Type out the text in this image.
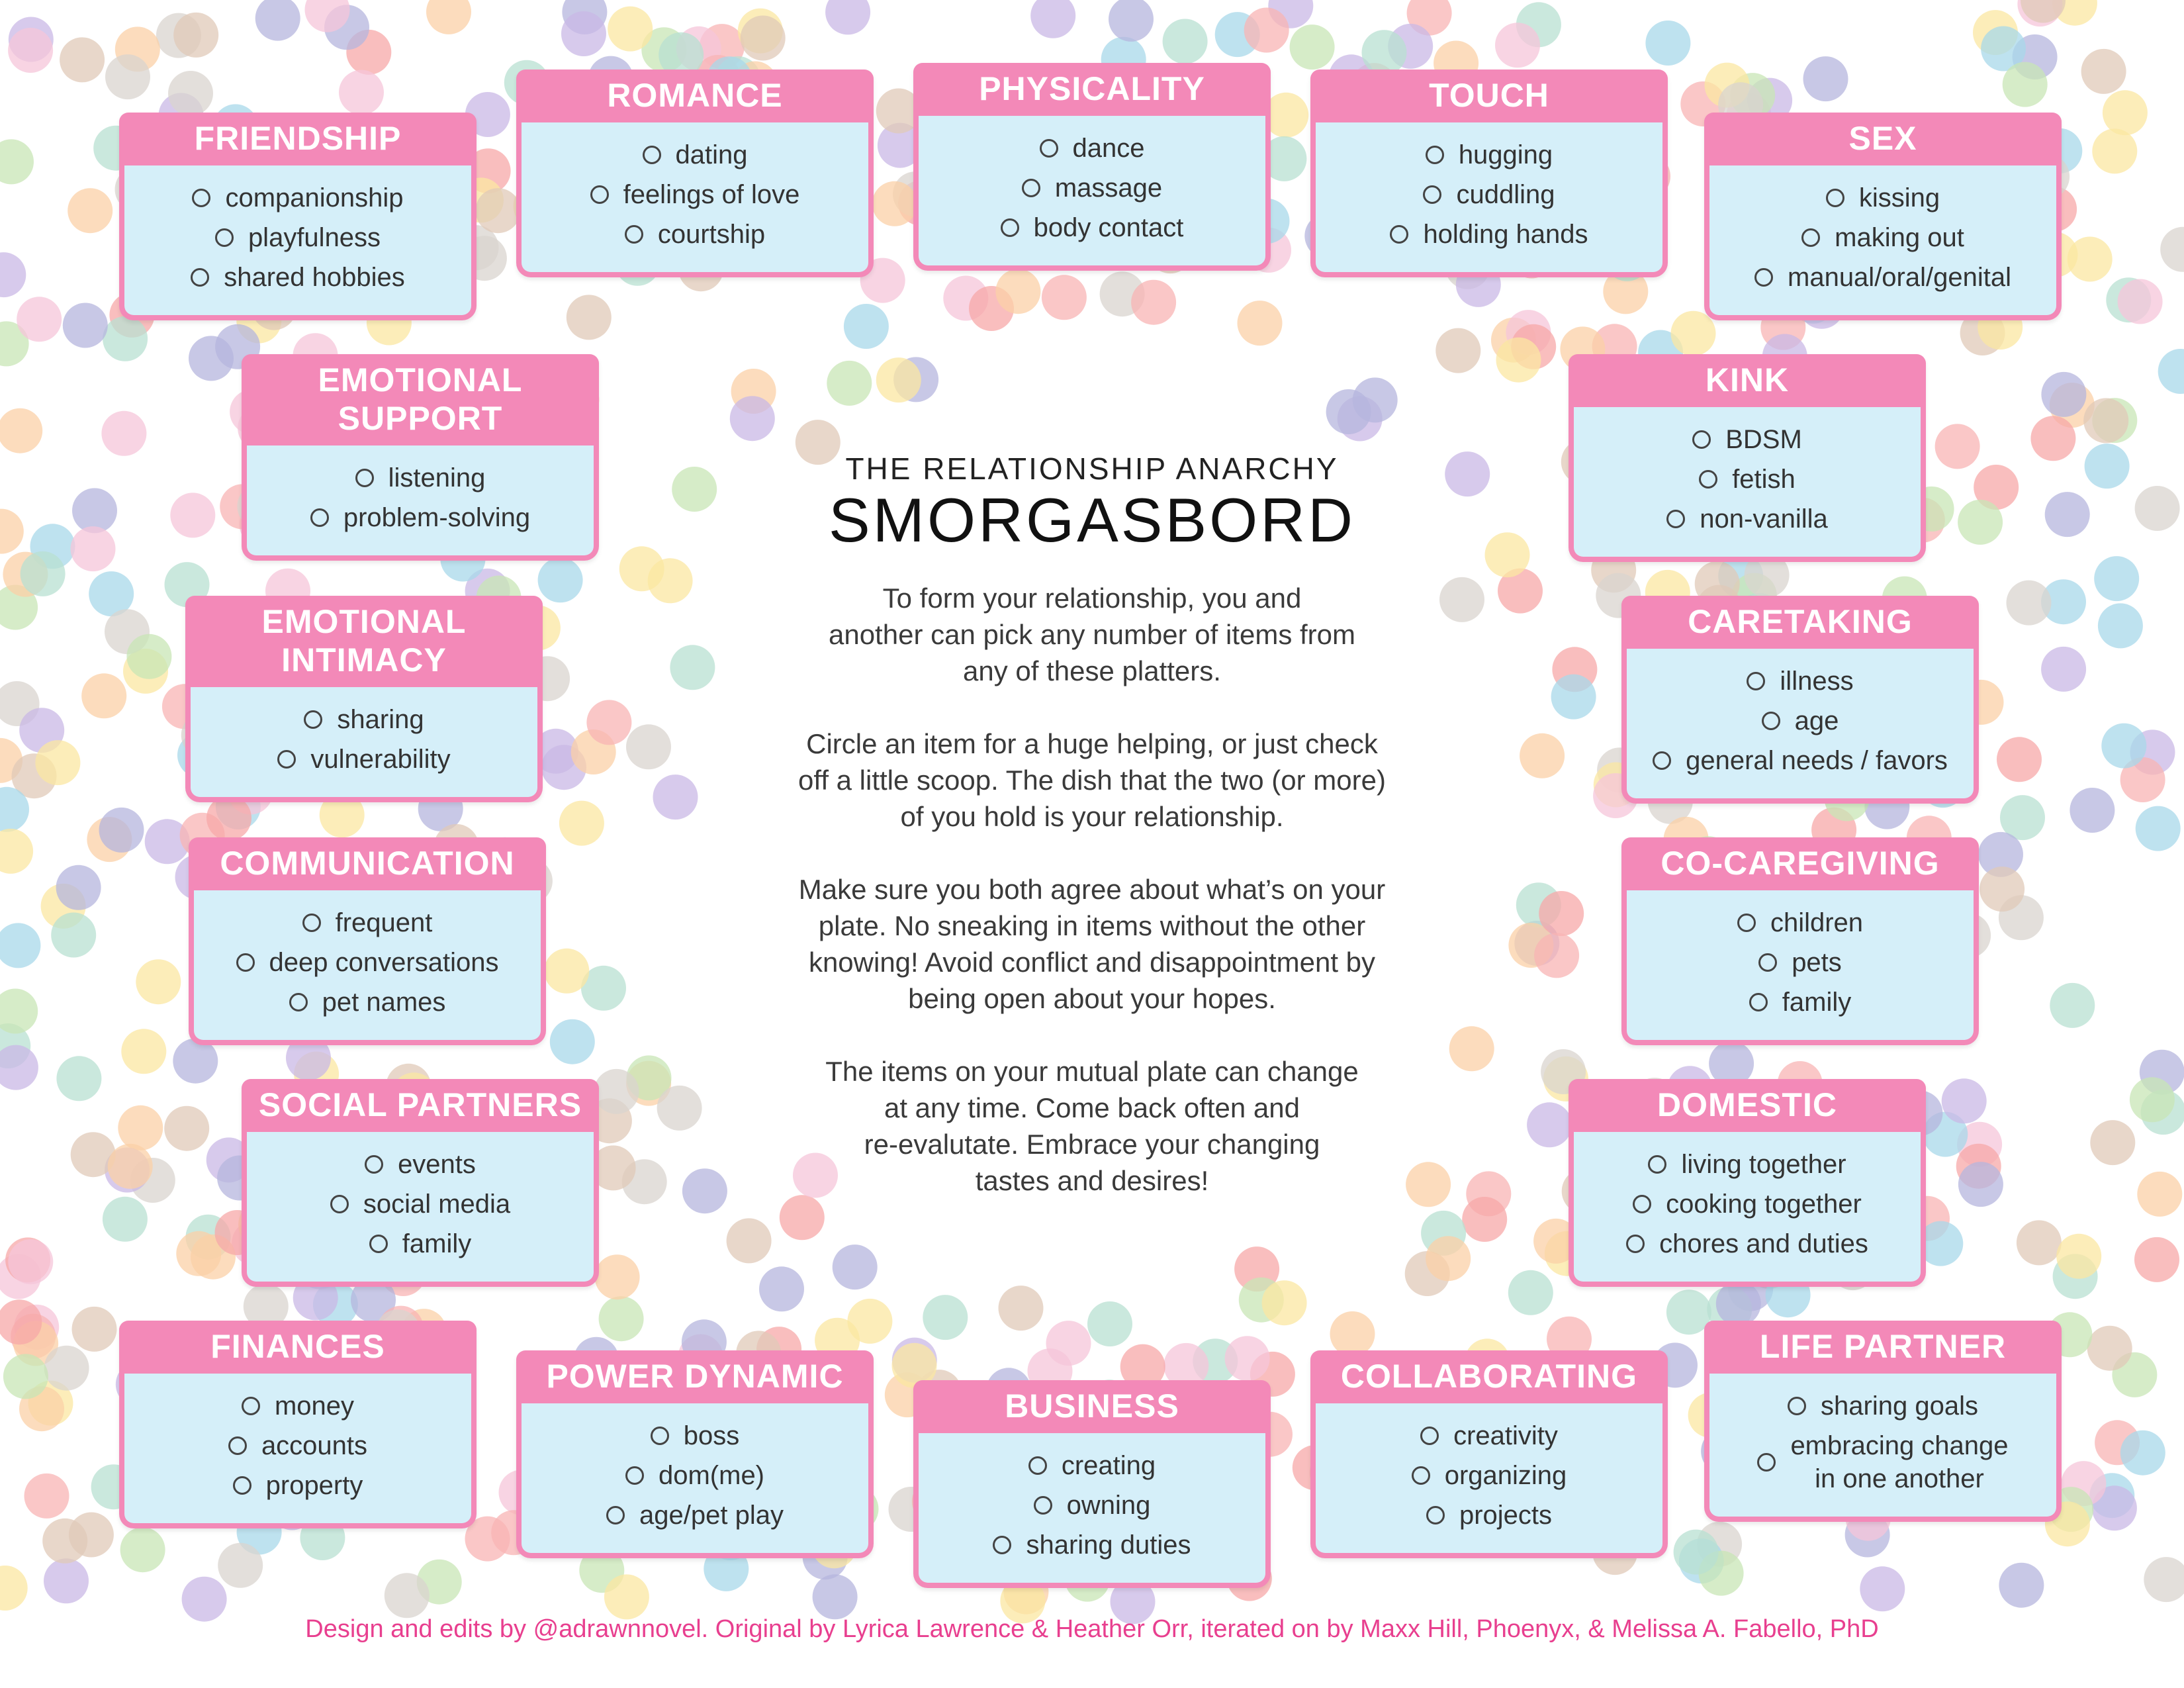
THE RELATIONSHIP ANARCHY
SMORGASBORD
To form your relationship, you and
another can pick any number of items from
any of these platters.
Circle an item for a huge helping, or just check
off a little scoop. The dish that the two (or more)
of you hold is your relationship.
Make sure you both agree about what’s on your
plate. No sneaking in items without the other
knowing! Avoid conflict and disappointment by
being open about your hopes.
The items on your mutual plate can change
at any time. Come back often and
re-evalutate. Embrace your changing
tastes and desires!
FRIENDSHIP
companionship
playfulness
shared hobbies
ROMANCE
dating
feelings of love
courtship
PHYSICALITY
dance
massage
body contact
TOUCH
hugging
cuddling
holding hands
SEX
kissing
making out
manual/oral/genital
EMOTIONAL
SUPPORT
listening
problem-solving
KINK
BDSM
fetish
non-vanilla
EMOTIONAL
INTIMACY
sharing
vulnerability
CARETAKING
illness
age
general needs / favors
COMMUNICATION
frequent
deep conversations
pet names
CO-CAREGIVING
children
pets
family
SOCIAL PARTNERS
events
social media
family
DOMESTIC
living together
cooking together
chores and duties
FINANCES
money
accounts
property
POWER DYNAMIC
boss
dom(me)
age/pet play
BUSINESS
creating
owning
sharing duties
COLLABORATING
creativity
organizing
projects
LIFE PARTNER
sharing goals
embracing change
in one another
Design and edits by @adrawnnovel. Original by Lyrica Lawrence & Heather Orr, iterated on by Maxx Hill, Phoenyx, & Melissa A. Fabello, PhD
